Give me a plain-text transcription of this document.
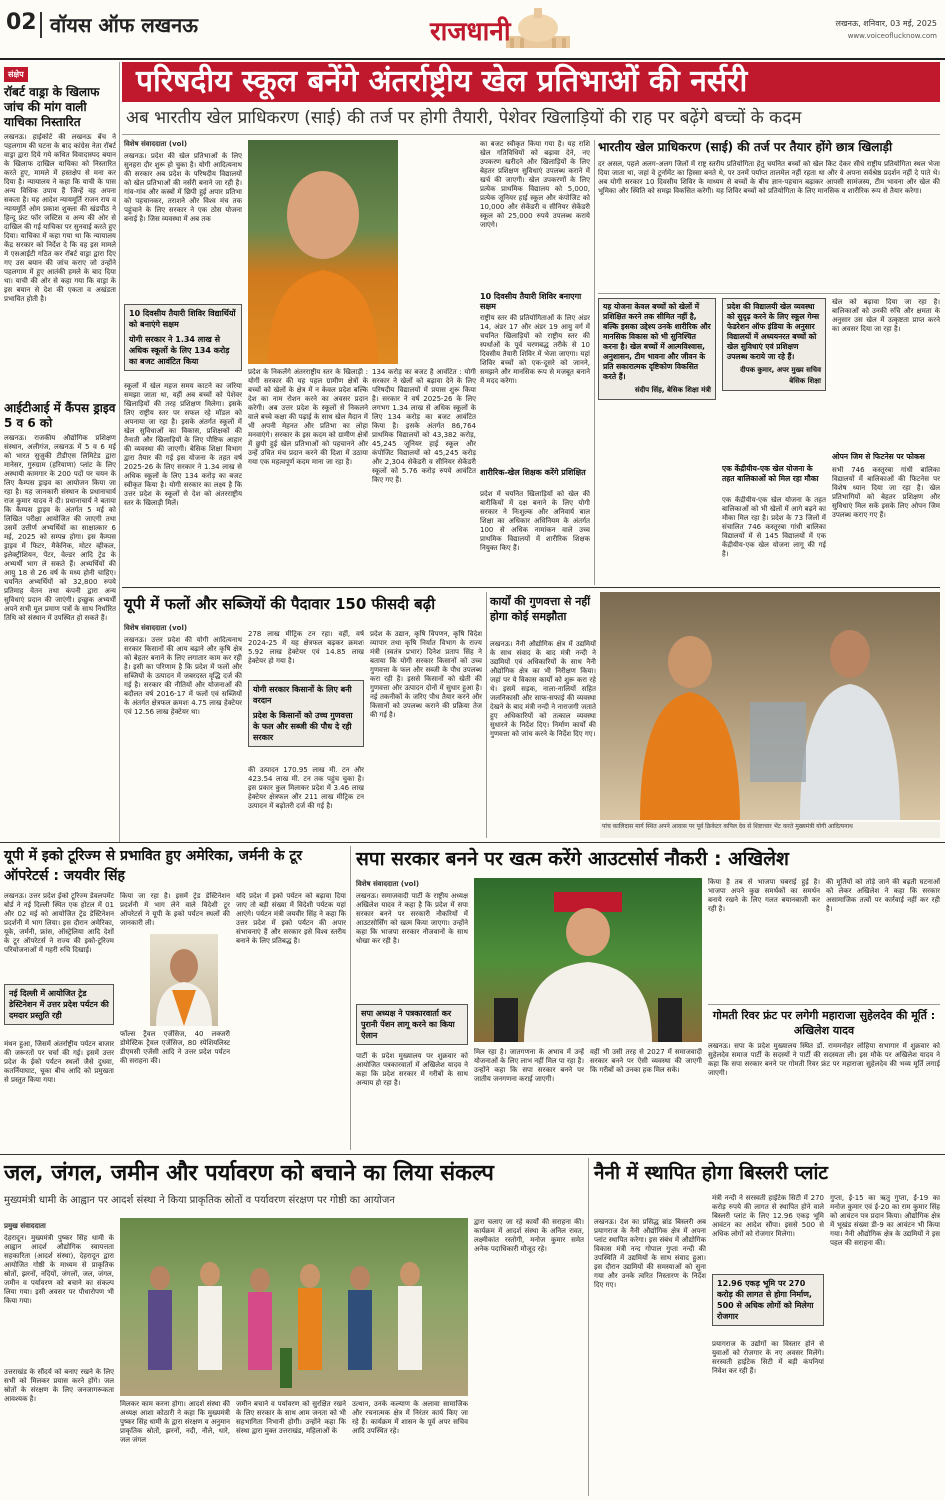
02 वॉयस ऑफ लखनऊ	राजधानी	लखनऊ, शनिवार, 03 मई, 2025
www.voiceoflucknow.com
संक्षेप
रॉबर्ट वाड्रा के खिलाफ जांच की मांग वाली याचिका निस्तारित
लखनऊ। हाईकोर्ट की लखनऊ बेंच ने पहलगाम की घटना के बाद कांग्रेस नेता रॉबर्ट वाड्रा द्वारा दिये गये कथित विवादास्पद बयान के खिलाफ दाखिल याचिका को निस्तारित करते हुए, मामले में हस्तक्षेप से मना कर दिया है। न्यायालय ने कहा कि याची के पास अन्य विधिक उपाय हैं जिन्हें वह अपना सकता है। यह आदेश न्यायमूर्ति राजन राय व न्यायमूर्ति ओम प्रकाश शुक्ला की खंडपीठ ने हिन्दू फ्रंट फॉर जस्टिस व अन्य की ओर से दाखिल की गई याचिका पर सुनवाई करते हुए दिया। याचिका में कहा गया था कि न्यायालय केंद्र सरकार को निर्देश दे कि वह इस मामले में एसआईटी गठित कर रॉबर्ट वाड्रा द्वारा दिए गए उस बयान की जांच कराए जो उन्होंने पहलगाम में हुए आतंकी हमले के बाद दिया था। याची की ओर से कहा गया कि वाड्रा के इस बयान से देश की एकता व अखंडता प्रभावित होती है।
आईटीआई में कैंपस ड्राइव 5 व 6 को
लखनऊ। राजकीय औद्योगिक प्रशिक्षण संस्थान, अलीगंज, लखनऊ में 5 व 6 मई को भारत सुजुकी टीडीएस लिमिटेड द्वारा मानेसर, गुरुग्राम (हरियाणा) प्लांट के लिए अस्थायी कामगार के 200 पदों पर चयन के लिए कैम्पस ड्राइव का आयोजन किया जा रहा है। यह जानकारी संस्थान के प्रधानाचार्य राज कुमार यादव ने दी। प्रधानाचार्य ने बताया कि कैम्पस ड्राइव के अंतर्गत 5 मई को लिखित परीक्षा आयोजित की जाएगी तथा उसमें उत्तीर्ण अभ्यर्थियों का साक्षात्कार 6 मई, 2025 को सम्पन्न होगा। इस कैम्पस ड्राइव में फिटर, मैकेनिक, मोटर व्हीकल, इलेक्ट्रीशियन, पेंटर, वेल्डर आदि ट्रेड के अभ्यर्थी भाग ले सकते हैं। अभ्यर्थियों की आयु 18 से 26 वर्ष के मध्य होनी चाहिए। चयनित अभ्यर्थियों को 32,800 रुपये प्रतिमाह वेतन तथा कंपनी द्वारा अन्य सुविधाएं प्रदान की जाएंगी। इच्छुक अभ्यर्थी अपने सभी मूल प्रमाण पत्रों के साथ निर्धारित तिथि को संस्थान में उपस्थित हो सकते हैं।
परिषदीय स्कूल बनेंगे अंतर्राष्ट्रीय खेल प्रतिभाओं की नर्सरी
अब भारतीय खेल प्राधिकरण (साई) की तर्ज पर होगी तैयारी, पेशेवर खिलाड़ियों की राह पर बढ़ेंगे बच्चों के कदम
विशेष संवाददाता (vol)
लखनऊ। प्रदेश की खेल प्रतिभाओं के लिए सुनहरा दौर शुरू हो चुका है। योगी आदित्यनाथ की सरकार अब प्रदेश के परिषदीय विद्यालयों को खेल प्रतिभाओं की नर्सरी बनाने जा रही है। गांव-गांव और कस्बों में छिपी हुई अपार प्रतिभा को पहचानकर, तराशने और विश्व मंच तक पहुंचाने के लिए सरकार ने एक ठोस योजना बनाई है। जिस व्यवस्था में अब तक
10 दिवसीय तैयारी शिविर विद्यार्थियों को बनाएंगे सक्षम
योगी सरकार ने 1.34 लाख से अधिक स्कूलों के लिए 134 करोड़ का बजट आवंटित किया
स्कूलों में खेल महज समय काटने का जरिया समझा जाता था, वहीं अब बच्चों को पेशेवर खिलाड़ियों की तरह प्रशिक्षण मिलेगा। इसके लिए राष्ट्रीय स्तर पर सफल रहे मॉडल को अपनाया जा रहा है। इसके अंतर्गत स्कूलों में खेल सुविधाओं का विकास, प्रशिक्षकों की तैनाती और खिलाड़ियों के लिए पौष्टिक आहार की व्यवस्था की जाएगी। बेसिक शिक्षा विभाग द्वारा तैयार की गई इस योजना के तहत वर्ष 2025-26 के लिए सरकार ने 1.34 लाख से अधिक स्कूलों के लिए 134 करोड़ का बजट स्वीकृत किया है। योगी सरकार का लक्ष्य है कि उत्तर प्रदेश के स्कूलों से देश को अंतरराष्ट्रीय स्तर के खिलाड़ी मिलें।
प्रदेश के निकलेंगे अंतरराष्ट्रीय स्तर के खिलाड़ी : योगी सरकार की यह पहल ग्रामीण क्षेत्रों के बच्चों को खेलों के क्षेत्र में न केवल प्रदेश बल्कि देश का नाम रोशन करने का अवसर प्रदान करेगी। अब उत्तर प्रदेश के स्कूलों से निकलने वाले बच्चे कक्षा की पढ़ाई के साथ खेल मैदान में भी अपनी मेहनत और प्रतिभा का लोहा मनवाएंगे। सरकार के इस कदम को ग्रामीण क्षेत्रों में छुपी हुई खेल प्रतिभाओं को पहचानने और उन्हें उचित मंच प्रदान करने की दिशा में उठाया गया एक महत्वपूर्ण कदम माना जा रहा है।
134 करोड़ का बजट है आवंटित : योगी सरकार ने खेलों को बढ़ावा देने के लिए परिषदीय विद्यालयों में प्रयास शुरू किया है। सरकार ने वर्ष 2025-26 के लिए लगभग 1.34 लाख से अधिक स्कूलों के लिए 134 करोड़ का बजट आवंटित किया है। इसके अंतर्गत 86,764 प्राथमिक विद्यालयों को 43,382 करोड़, 45,245 जूनियर हाई स्कूल और कंपोजिट विद्यालयों को 45,245 करोड़ और 2,304 सेकेंडरी व सीनियर सेकेंडरी स्कूलों को 5.76 करोड़ रुपये आवंटित किए गए हैं।
का बजट स्वीकृत किया गया है। यह राशि खेल गतिविधियों को बढ़ावा देने, नए उपकरण खरीदने और खिलाड़ियों के लिए बेहतर प्रशिक्षण सुविधाएं उपलब्ध कराने में खर्च की जाएगी। खेल उपकरणों के लिए प्रत्येक प्राथमिक विद्यालय को 5,000, प्रत्येक जूनियर हाई स्कूल और कंपोजिट को 10,000 और सेकेंडरी व सीनियर सेकेंडरी स्कूल को 25,000 रुपये उपलब्ध कराये जाएंगे।
10 दिवसीय तैयारी शिविर बनाएगा सक्षम
राष्ट्रीय स्तर की प्रतियोगिताओं के लिए अंडर 14, अंडर 17 और अंडर 19 आयु वर्ग में चयनित खिलाड़ियों को राष्ट्रीय स्तर की स्पर्धाओं के पूर्व चरणबद्ध तरीके से 10 दिवसीय तैयारी शिविर में भेजा जाएगा। यहां शिविर बच्चों को एक-दूसरे को जानने, समझने और मानसिक रूप से मजबूत बनाने में मदद करेगा।
शारीरिक-खेल शिक्षक करेंगे प्रशिक्षित
प्रदेश में चयनित खिलाड़ियों को खेल की बारीकियों में दक्ष बनाने के लिए योगी सरकार ने निःशुल्क और अनिवार्य बाल शिक्षा का अधिकार अधिनियम के अंतर्गत 100 से अधिक नामांकन वाले उच्च प्राथमिक विद्यालयों में शारीरिक शिक्षक नियुक्त किए हैं।
भारतीय खेल प्राधिकरण (साई) की तर्ज पर तैयार होंगे छात्र खिलाड़ी
दर असल, पहले अलग-अलग जिलों में राष्ट्र स्तरीय प्रतियोगिता हेतु चयनित बच्चों को खेल किट देकर सीधे राष्ट्रीय प्रतियोगिता स्थल भेजा दिया जाता था, जहां वे टूर्नामेंट का हिस्सा बनते थे, पर उनमें पर्याप्त तालमेल नहीं रहता था और वे अपना सर्वश्रेष्ठ प्रदर्शन नहीं दे पाते थे। अब योगी सरकार 10 दिवसीय शिविर के माध्यम से बच्चों के बीच ज्ञान-पहचान बढ़ाकर आपसी सामंजस्य, टीम भावना और खेल की भूमिका और स्थिति को समझ विकसित करेगी। यह शिविर बच्चों को प्रतियोगिता के लिए मानसिक व शारीरिक रूप से तैयार करेगा।
यह योजना केवल बच्चों को खेलों में प्रशिक्षित करने तक सीमित नहीं है, बल्कि इसका उद्देश्य उनके शारीरिक और मानसिक विकास को भी सुनिश्चित करना है। खेल बच्चों में आत्मविश्वास, अनुशासन, टीम भावना और जीवन के प्रति सकारात्मक दृष्टिकोण विकसित करते हैं।
संदीप सिंह, बेसिक शिक्षा मंत्री
प्रदेश की विद्यालयी खेल व्यवस्था को सुदृढ़ करने के लिए स्कूल गेम्स फेडरेशन ऑफ इंडिया के अनुसार विद्यालयों में अध्ययनरत बच्चों को खेल सुविधाएं एवं प्रशिक्षण उपलब्ध कराये जा रहे हैं।
दीपक कुमार, अपर मुख्य सचिव बेसिक शिक्षा
खेल को बढ़ावा दिया जा रहा है। बालिकाओं को उनकी रुचि और क्षमता के अनुसार उस खेल में उत्कृष्टता प्राप्त करने का अवसर दिया जा रहा है।
एक केंद्रीयीय-एक खेल योजना के तहत बालिकाओं को मिल रहा मौका
एक केंद्रीयीय-एक खेल योजना के तहत बालिकाओं को भी खेलों में आगे बढ़ने का मौका मिल रहा है। प्रदेश के 73 जिलों में संचालित 746 कस्तूरबा गांधी बालिका विद्यालयों में से 145 विद्यालयों में एक केंद्रीयीय-एक खेल योजना लागू की गई है।
ओपन जिम से फिटनेस पर फोकस
सभी 746 कस्तूरबा गांधी बालिका विद्यालयों में बालिकाओं की फिटनेस पर विशेष ध्यान दिया जा रहा है। खेल प्रतिभागियों को बेहतर प्रशिक्षण और सुविधाएं मिल सकें इसके लिए ओपन जिम उपलब्ध कराए गए हैं।
यूपी में फलों और सब्जियों की पैदावार 150 फीसदी बढ़ी
विशेष संवाददाता (vol)
लखनऊ। उत्तर प्रदेश की योगी आदित्यनाथ सरकार किसानों की आय बढ़ाने और कृषि क्षेत्र को बेहतर बनाने के लिए लगातार काम कर रही है। इसी का परिणाम है कि प्रदेश में फलों और सब्जियों के उत्पादन में जबरदस्त वृद्धि दर्ज की गई है। सरकार की नीतियों और योजनाओं की बदौलत वर्ष 2016-17 में फलों एवं सब्जियों के अंतर्गत क्षेत्रफल क्रमशः 4.75 लाख हेक्टेयर एवं 12.56 लाख हेक्टेयर था।
278 लाख मीट्रिक टन रहा। वहीं, वर्ष 2024-25 में यह क्षेत्रफल बढ़कर क्रमशः 5.92 लाख हेक्टेयर एवं 14.85 लाख हेक्टेयर हो गया है।
योगी सरकार किसानों के लिए बनी वरदान
प्रदेश के किसानों को उच्च गुणवत्ता के फल और सब्जी की पौध दे रही सरकार
की उत्पादन 170.95 लाख मी. टन और 423.54 लाख मी. टन तक पहुंच चुका है। इस प्रकार कुल मिलाकर प्रदेश में 3.46 लाख हेक्टेयर क्षेत्रफल और 211 लाख मीट्रिक टन उत्पादन में बढ़ोतरी दर्ज की गई है।
प्रदेश के उद्यान, कृषि विपणन, कृषि विदेश व्यापार तथा कृषि निर्यात विभाग के राज्य मंत्री (स्वतंत्र प्रभार) दिनेश प्रताप सिंह ने बताया कि योगी सरकार किसानों को उच्च गुणवत्ता के फल और सब्जी के पौध उपलब्ध करा रही है। इससे किसानों को खेती की गुणवत्ता और उत्पादन दोनों में सुधार हुआ है। नई तकनीकों के जरिए पौध तैयार करने और किसानों को उपलब्ध कराने की प्रक्रिया तेज की गई है।
कार्यों की गुणवत्ता से नहीं होगा कोई समझौता
लखनऊ। नैनी औद्योगिक क्षेत्र में उद्यमियों के साथ संवाद के बाद मंत्री नन्दी ने उद्यमियों एवं अधिकारियों के साथ नैनी औद्योगिक क्षेत्र का भी निरीक्षण किया। जहां पर ये विकास कार्यों को शुरू करा रहे थे। इसमें सड़क, नाला-नालियों सहित जलनिकासी और साफ-सफाई की व्यवस्था देखने के बाद मंत्री नन्दी ने नाराजगी जताते हुए अधिकारियों को तत्काल व्यवस्था सुधारने के निर्देश दिए। निर्माण कार्यों की गुणवत्ता को जांच करने के निर्देश दिए गए।
पांच कालिदास मार्ग स्थित अपने आवास पर पूर्व क्रिकेटर कपिल देव से शिष्टाचार भेंट करते मुख्यमंत्री योगी आदित्यनाथ
यूपी में इको टूरिज्म से प्रभावित हुए अमेरिका, जर्मनी के टूर ऑपरेटर्स : जयवीर सिंह
लखनऊ। उत्तर प्रदेश ईको टूरिज्म डेवलपमेंट बोर्ड ने नई दिल्ली स्थित एक होटल में 01 और 02 मई को आयोजित ट्रेड डेस्टिनेशन प्रदर्शनी में भाग लिया। इस दौरान अमेरिका, यूके, जर्मनी, फ्रांस, ऑस्ट्रेलिया आदि देशों के टूर ऑपरेटर्स ने राज्य की इको-टूरिज्म परियोजनाओं में गहरी रुचि दिखाई।
नई दिल्ली में आयोजित ट्रेड डेस्टिनेशन में उत्तर प्रदेश पर्यटन की दमदार प्रस्तुति रही
मंथन हुआ, जिसमें अंतर्राष्ट्रीय पर्यटन बाजार की जरूरतों पर चर्चा की गई। इसमें उत्तर प्रदेश के ईको पर्यटन स्थलों जैसे दुधवा, कतर्नियाघाट, चूका बीच आदि को प्रमुखता से प्रस्तुत किया गया।
किया जा रहा है। इसमें ट्रेड डेस्टिनेशन प्रदर्शनी में भाग लेने वाले विदेशी टूर ऑपरेटर्स ने यूपी के इको पर्यटन स्थलों की जानकारी ली।
फॉल्स ट्रैवल एजेंसिज, 40 लक्जरी डोमेस्टिक ट्रैवल एजेंसिज, 80 स्पेशियलिस्ट डीएमसी एजेंसी आदि ने उत्तर प्रदेश पर्यटन की सराहना की।
यदि प्रदेश में इको पर्यटन को बढ़ावा दिया जाए तो बड़ी संख्या में विदेशी पर्यटक यहां आएंगे। पर्यटन मंत्री जयवीर सिंह ने कहा कि उत्तर प्रदेश में इको पर्यटन की अपार संभावनाएं हैं और सरकार इसे विश्व स्तरीय बनाने के लिए प्रतिबद्ध है।
सपा सरकार बनने पर खत्म करेंगे आउटसोर्स नौकरी : अखिलेश
विशेष संवाददाता (vol)
लखनऊ। समाजवादी पार्टी के राष्ट्रीय अध्यक्ष अखिलेश यादव ने कहा है कि प्रदेश में सपा सरकार बनने पर सरकारी नौकरियों में आउटसोर्सिंग को खत्म किया जाएगा। उन्होंने कहा कि भाजपा सरकार नौजवानों के साथ धोखा कर रही है।
सपा अध्यक्ष ने पत्रकारवार्ता कर पुरानी पेंशन लागू करने का किया ऐलान
पार्टी के प्रदेश मुख्यालय पर शुक्रवार को आयोजित पत्रकारवार्ता में अखिलेश यादव ने कहा कि प्रदेश सरकार में गरीबों के साथ अन्याय हो रहा है।
मिल रहा है। जातगणना के अभाव में उन्हें योजनाओं के लिए लाभ नहीं मिल पा रहा है। उन्होंने कहा कि सपा सरकार बनने पर जातीय जनगणना कराई जाएगी।
वहीं भी उसी तरह से 2027 में समाजवादी सरकार बनने पर ऐसी व्यवस्था की जाएगी कि गरीबों को उनका हक मिल सके।
किया है तब से भाजपा घबराई हुई है। भाजपा अपने कुछ समर्थकों का समर्थन बनाये रखने के लिए गलत बयानबाजी कर रही है।
की मूर्तियों को तोड़े जाने की बढ़ती घटनाओं को लेकर अखिलेश ने कहा कि सरकार असामाजिक तत्वों पर कार्रवाई नहीं कर रही है।
गोमती रिवर फ्रंट पर लगेगी महाराजा सुहेलदेव की मूर्ति : अखिलेश यादव
लखनऊ। सपा के प्रदेश मुख्यालय स्थित डॉ. राममनोहर लोहिया सभागार में शुक्रवार को सुहेलदेव समाज पार्टी के सदस्यों ने पार्टी की सदस्यता ली। इस मौके पर अखिलेश यादव ने कहा कि सपा सरकार बनने पर गोमती रिवर फ्रंट पर महाराजा सुहेलदेव की भव्य मूर्ति लगाई जाएगी।
जल, जंगल, जमीन और पर्यावरण को बचाने का लिया संकल्प
मुख्यमंत्री धामी के आह्वान पर आदर्श संस्था ने किया प्राकृतिक स्रोतों व पर्यावरण संरक्षण पर गोष्ठी का आयोजन
प्रमुख संवाददाता
देहरादून। मुख्यमंत्री पुष्कर सिंह धामी के आह्वान आदर्श औद्योगिक स्वायत्तता सहकारिता (आदर्श संस्था), देहरादून द्वारा आयोजित गोष्ठी के माध्यम से प्राकृतिक स्रोतों, झरनों, नदियों, जंगलों, जल, जंगल, जमीन व पर्यावरण को बचाने का संकल्प लिया गया। इसी अवसर पर पौधारोपण भी किया गया।
उत्तराखंड के सौंदर्य को बनाए रखने के लिए सभी को मिलकर प्रयास करने होंगे। जल स्रोतों के संरक्षण के लिए जनजागरूकता आवश्यक है।
मिलकर काम करना होगा। आदर्श संस्था की अध्यक्ष आशा कोठारी ने कहा कि मुख्यमंत्री पुष्कर सिंह धामी के द्वारा संरक्षण व अनुमान प्राकृतिक स्रोतों, झरनों, नदी, नौले, धारे, जल जंगल
जमीन बचाने व पर्यावरण को सुरक्षित रखने के लिए सरकार के साथ आम जनता को भी सहभागिता निभानी होगी। उन्होंने कहा कि संस्था द्वारा मुक्त उत्तराखंड, महिलाओं के
उत्थान, उनके कल्याण के अलावा सामाजिक और रचनात्मक क्षेत्र में निरंतर कार्य किए जा रहे हैं। कार्यक्रम में शासन के पूर्व अपर सचिव आदि उपस्थित रहे।
द्वारा चलाए जा रहे कार्यों की सराहना की। कार्यक्रम में आदर्श संस्था के अनिल रावत, लक्ष्मीकांत रस्तोगी, मनोज कुमार समेत अनेक पदाधिकारी मौजूद रहे।
नैनी में स्थापित होगा बिस्लरी प्लांट
लखनऊ। देश का प्रसिद्ध ब्रांड बिस्लरी अब प्रयागराज के नैनी औद्योगिक क्षेत्र में अपना प्लांट स्थापित करेगा। इस संबंध में औद्योगिक विकास मंत्री नन्द गोपाल गुप्ता नन्दी की उपस्थिति में उद्यमियों के साथ संवाद हुआ। इस दौरान उद्यमियों की समस्याओं को सुना गया और उनके त्वरित निस्तारण के निर्देश दिए गए।
मंत्री नन्दी ने सरस्वती हाईटेक सिटी में 270 करोड़ रुपये की लागत से स्थापित होने वाले बिस्लरी प्लांट के लिए 12.96 एकड़ भूमि आवंटन का आदेश सौंपा। इससे 500 से अधिक लोगों को रोजगार मिलेगा।
12.96 एकड़ भूमि पर 270 करोड़ की लागत से होगा निर्माण, 500 से अधिक लोगों को मिलेगा रोजगार
प्रयागराज के उद्योगों का विस्तार होने से युवाओं को रोजगार के नए अवसर मिलेंगे। सरस्वती हाईटेक सिटी में बड़ी कंपनियां निवेश कर रही हैं।
गुप्ता, ई-15 का ऋतु गुप्ता, ई-19 का मनोज कुमार एवं ई-20 का राम कुमार सिंह को आवंटन पत्र प्रदान किया। औद्योगिक क्षेत्र में भूखंड संख्या डी-9 का आवंटन भी किया गया। नैनी औद्योगिक क्षेत्र के उद्यमियों ने इस पहल की सराहना की।
